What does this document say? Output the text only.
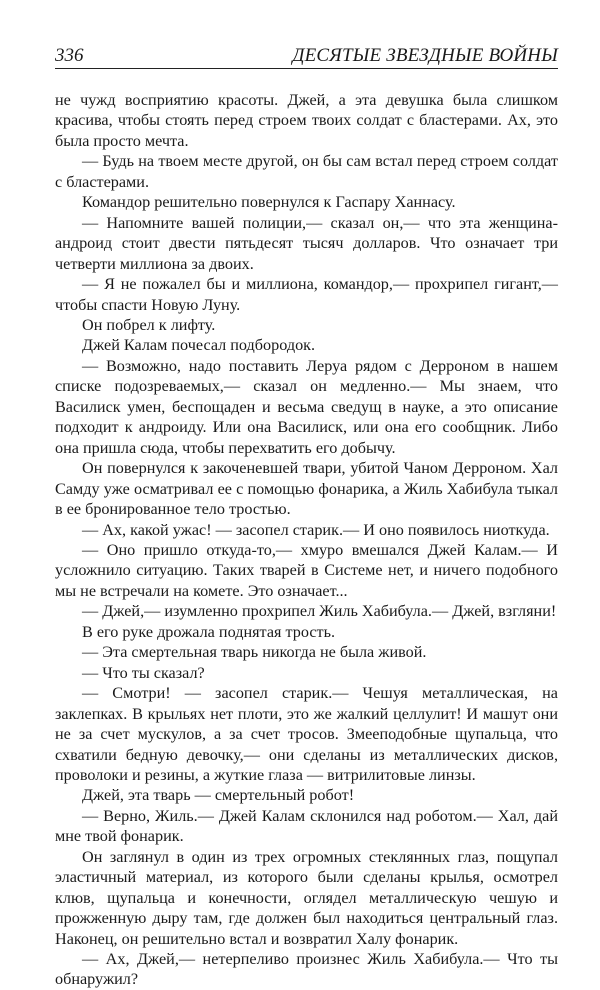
336	ДЕСЯТЫЕ ЗВЕЗДНЫЕ ВОЙНЫ

не чужд восприятию красоты. Джей, а эта девушка была слишком красива, чтобы стоять перед строем твоих солдат с бластерами. Ах, это была просто мечта.

— Будь на твоем месте другой, он бы сам встал перед строем солдат с бластерами.

Командор решительно повернулся к Гаспару Ханнасу.

— Напомните вашей полиции,— сказал он,— что эта женщина-андроид стоит двести пятьдесят тысяч долларов. Что означает три четверти миллиона за двоих.

— Я не пожалел бы и миллиона, командор,— прохрипел гигант,— чтобы спасти Новую Луну.

Он побрел к лифту.

Джей Калам почесал подбородок.

— Возможно, надо поставить Леруа рядом с Дерроном в нашем списке подозреваемых,— сказал он медленно.— Мы знаем, что Василиск умен, беспощаден и весьма сведущ в науке, а это описание подходит к андроиду. Или она Василиск, или она его сообщник. Либо она пришла сюда, чтобы перехватить его добычу.

Он повернулся к закоченевшей твари, убитой Чаном Дерроном. Хал Самду уже осматривал ее с помощью фонарика, а Жиль Хабибула тыкал в ее бронированное тело тростью.

— Ах, какой ужас! — засопел старик.— И оно появилось ниоткуда.

— Оно пришло откуда-то,— хмуро вмешался Джей Калам.— И усложнило ситуацию. Таких тварей в Системе нет, и ничего подобного мы не встречали на комете. Это означает...

— Джей,— изумленно прохрипел Жиль Хабибула.— Джей, взгляни!

В его руке дрожала поднятая трость.

— Эта смертельная тварь никогда не была живой.

— Что ты сказал?

— Смотри! — засопел старик.— Чешуя металлическая, на заклепках. В крыльях нет плоти, это же жалкий целлулит! И машут они не за счет мускулов, а за счет тросов. Змееподобные щупальца, что схватили бедную девочку,— они сделаны из металлических дисков, проволоки и резины, а жуткие глаза — витрилитовые линзы.

Джей, эта тварь — смертельный робот!

— Верно, Жиль.— Джей Калам склонился над роботом.— Хал, дай мне твой фонарик.

Он заглянул в один из трех огромных стеклянных глаз, пощупал эластичный материал, из которого были сделаны крылья, осмотрел клюв, щупальца и конечности, оглядел металлическую чешую и прожженную дыру там, где должен был находиться центральный глаз. Наконец, он решительно встал и возвратил Халу фонарик.

— Ах, Джей,— нетерпеливо произнес Жиль Хабибула.— Что ты обнаружил?
